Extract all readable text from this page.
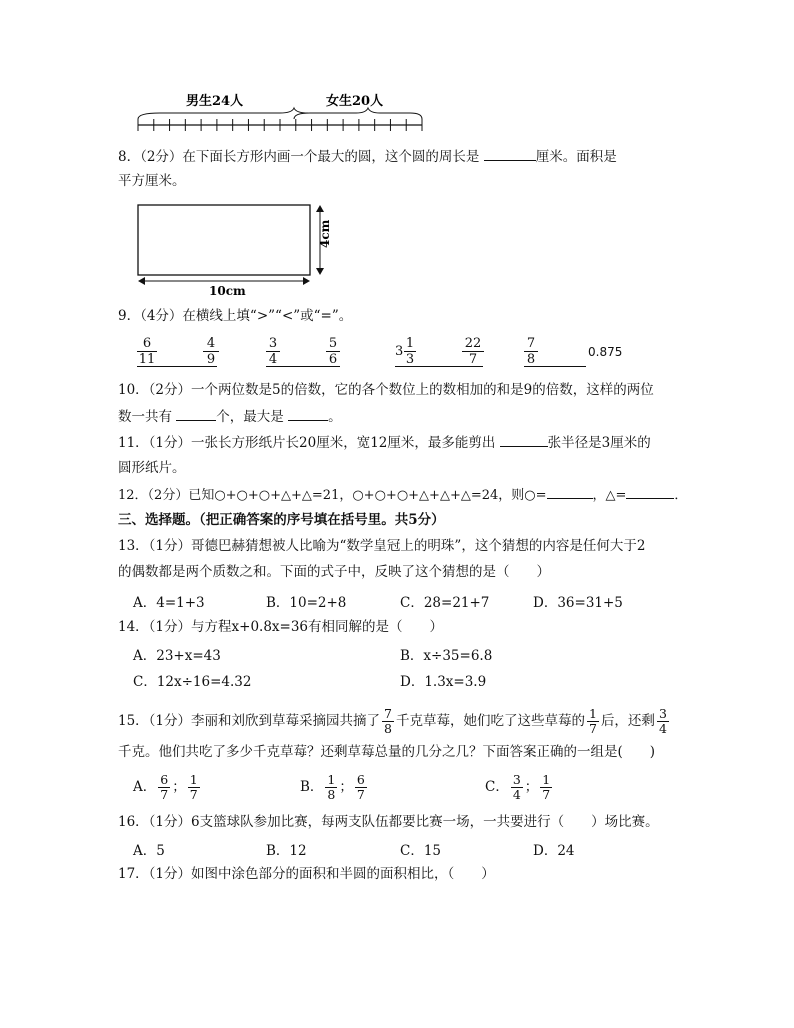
男生24人	女生20人
8．（2分）在下面长方形内画一个最大的圆，这个圆的周长是	厘米。面积是
平方厘米。
4cm
10cm
9．（4分）在横线上填“>”“<”或“=”。
$\frac{6}{11}$	$\frac{4}{9}$	$\frac{3}{4}$	$\frac{5}{6}$	$3 \frac{1}{3}$	$\frac{22}{7}$	$\frac{7}{8}$	0.875
10．（2分）一个两位数是5的倍数，它的各个数位上的数相加的和是9的倍数，这样的两位
数一共有	个，最大是	。
11．（1分）一张长方形纸片长20厘米，宽12厘米，最多能剪出	张半径是3厘米的
圆形纸片。
12．（2分）已知○+○+○+△+△=21，○+○+○+△+△+△=24，则○=	，△=	．
三、选择题。（把正确答案的序号填在括号里。共5分）
13．（1分）哥德巴赫猜想被人比喻为“数学皇冠上的明珠”，这个猜想的内容是任何大于2
的偶数都是两个质数之和。下面的式子中，反映了这个猜想的是（　　）
A．4=1+3	B．10=2+8	C．28=21+7	D．36=31+5
14．（1分）与方程x+0.8x=36有相同解的是（　　）
A．23+x=43	B．x÷35=6.8
C．12x÷16=4.32	D．1.3x=3.9
15．（1分）李丽和刘欣到草莓采摘园共摘了 $\frac{7}{8}$ 千克草莓，她们吃了这些草莓的 $\frac{1}{7}$ 后，还剩 $\frac{3}{4}$
千克。他们共吃了多少千克草莓？还剩草莓总量的几分之几？下面答案正确的一组是(　　)
A． $\frac{6}{7}$ ； $\frac{1}{7}$	B． $\frac{1}{8}$ ； $\frac{6}{7}$	C． $\frac{3}{4}$ ； $\frac{1}{7}$
16．（1分）6支篮球队参加比赛，每两支队伍都要比赛一场，一共要进行（　　）场比赛。
A．5	B．12	C．15	D．24
17．（1分）如图中涂色部分的面积和半圆的面积相比，（　　）
